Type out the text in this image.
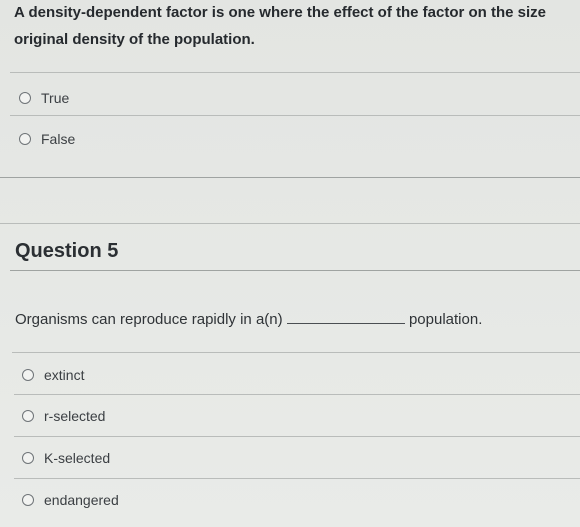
A density-dependent factor is one where the effect of the factor on the size
original density of the population.
True
False
Question 5
Organisms can reproduce rapidly in a(n)	population.
extinct
r-selected
K-selected
endangered
